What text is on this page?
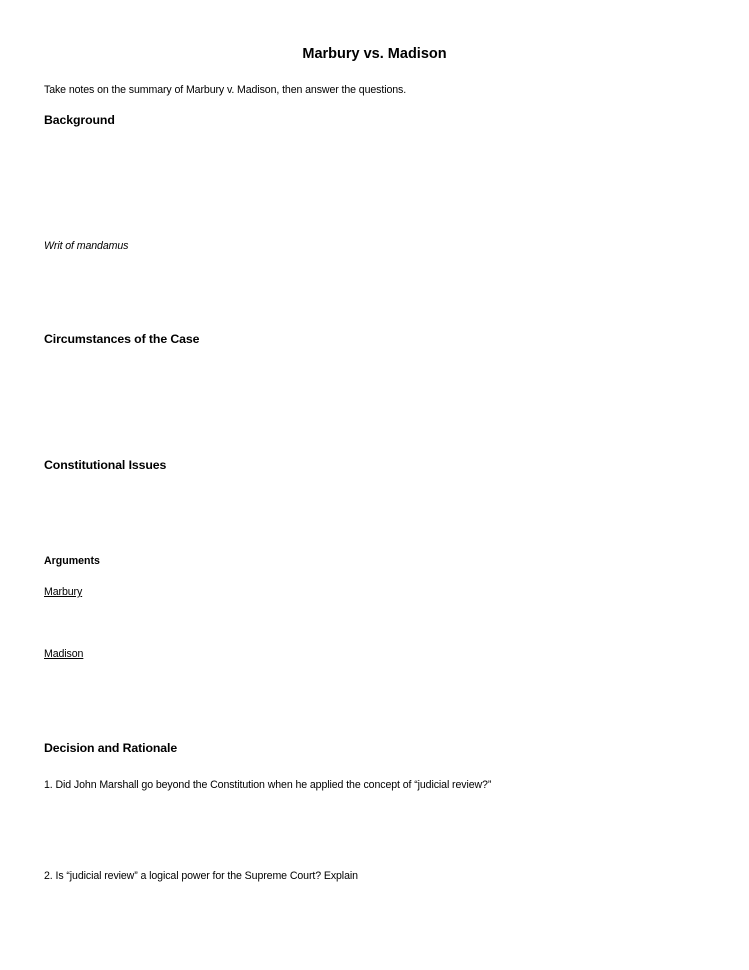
Marbury vs. Madison
Take notes on the summary of Marbury v. Madison, then answer the questions.
Background
Writ of mandamus
Circumstances of the Case
Constitutional Issues
Arguments
Marbury
Madison
Decision and Rationale
1. Did John Marshall go beyond the Constitution when he applied the concept of “judicial review?”
2. Is “judicial review” a logical power for the Supreme Court? Explain
